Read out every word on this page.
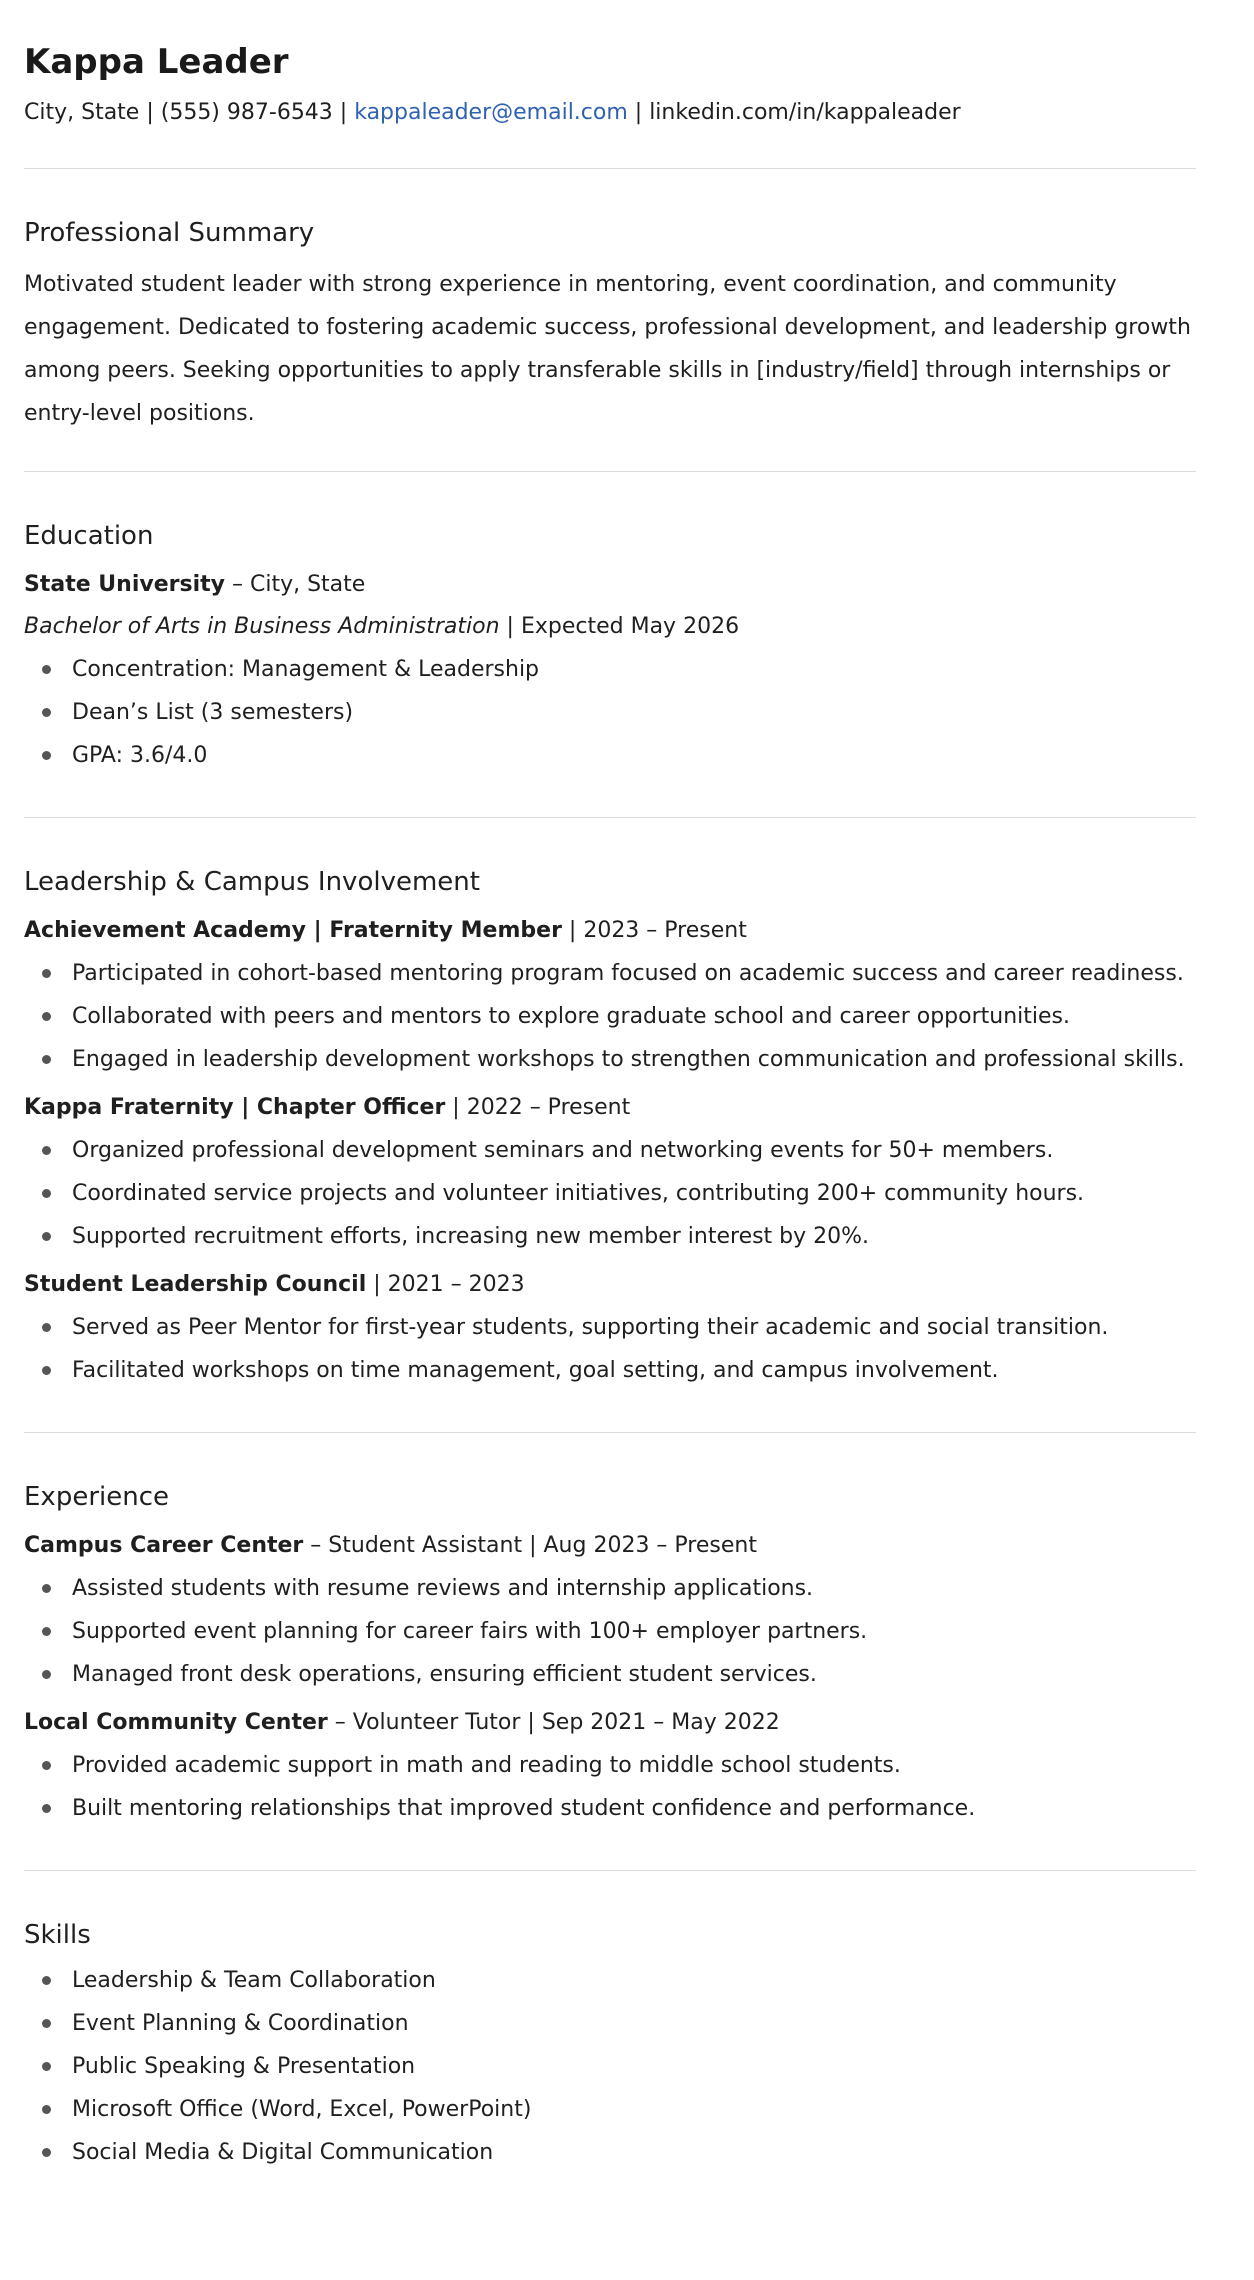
Kappa Leader
City, State | (555) 987-6543 | kappaleader@email.com | linkedin.com/in/kappaleader
Professional Summary
Motivated student leader with strong experience in mentoring, event coordination, and community
engagement. Dedicated to fostering academic success, professional development, and leadership growth
among peers. Seeking opportunities to apply transferable skills in [industry/field] through internships or
entry-level positions.
Education
State University – City, State
Bachelor of Arts in Business Administration | Expected May 2026
Concentration: Management & Leadership
Dean’s List (3 semesters)
GPA: 3.6/4.0
Leadership & Campus Involvement
Achievement Academy | Fraternity Member | 2023 – Present
Participated in cohort-based mentoring program focused on academic success and career readiness.
Collaborated with peers and mentors to explore graduate school and career opportunities.
Engaged in leadership development workshops to strengthen communication and professional skills.
Kappa Fraternity | Chapter Officer | 2022 – Present
Organized professional development seminars and networking events for 50+ members.
Coordinated service projects and volunteer initiatives, contributing 200+ community hours.
Supported recruitment efforts, increasing new member interest by 20%.
Student Leadership Council | 2021 – 2023
Served as Peer Mentor for first-year students, supporting their academic and social transition.
Facilitated workshops on time management, goal setting, and campus involvement.
Experience
Campus Career Center – Student Assistant | Aug 2023 – Present
Assisted students with resume reviews and internship applications.
Supported event planning for career fairs with 100+ employer partners.
Managed front desk operations, ensuring efficient student services.
Local Community Center – Volunteer Tutor | Sep 2021 – May 2022
Provided academic support in math and reading to middle school students.
Built mentoring relationships that improved student confidence and performance.
Skills
Leadership & Team Collaboration
Event Planning & Coordination
Public Speaking & Presentation
Microsoft Office (Word, Excel, PowerPoint)
Social Media & Digital Communication
